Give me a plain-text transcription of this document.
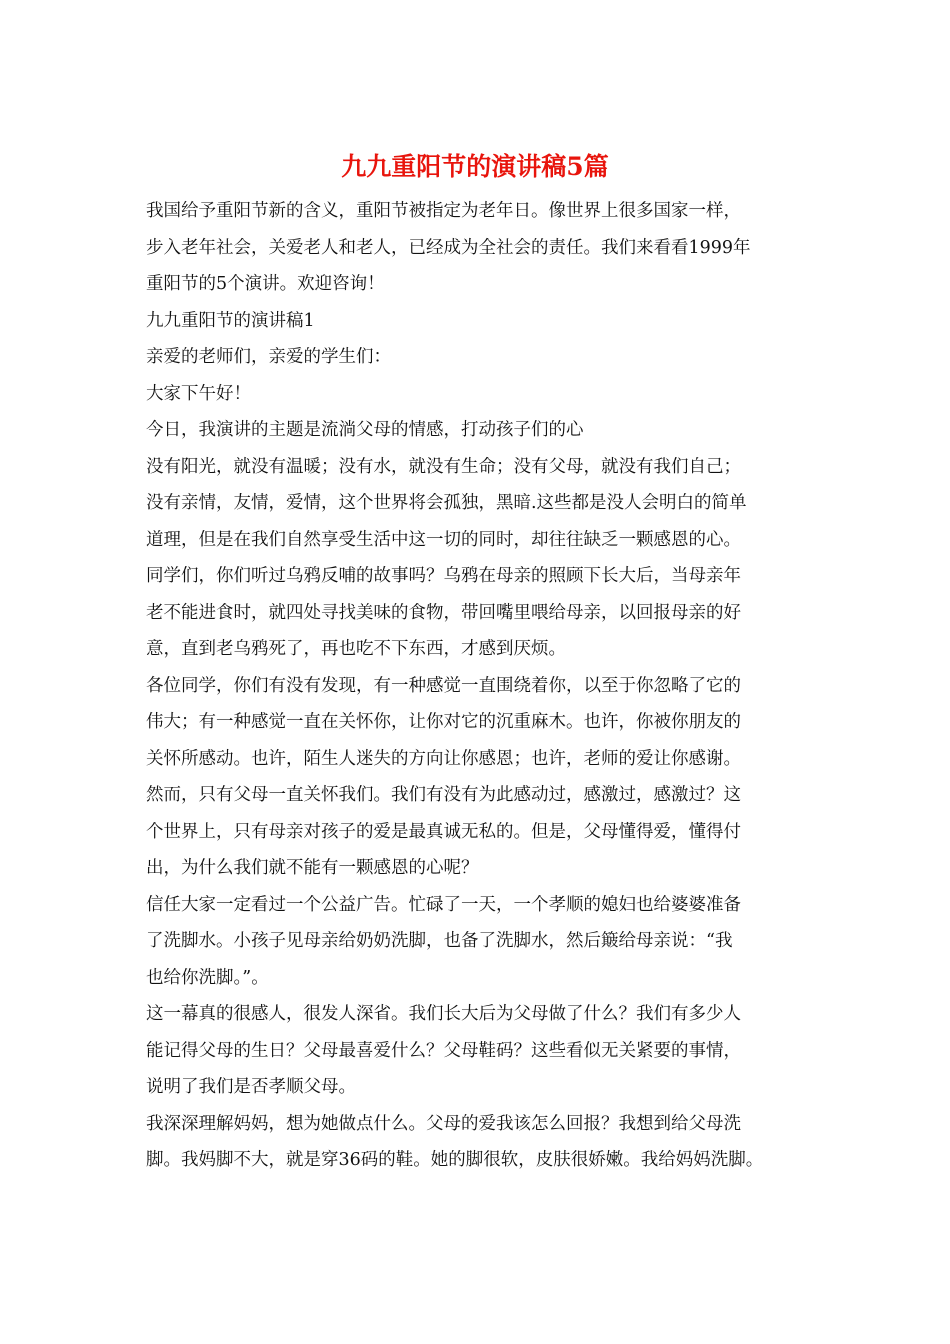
九九重阳节的演讲稿5篇
我国给予重阳节新的含义，重阳节被指定为老年日。像世界上很多国家一样，
步入老年社会，关爱老人和老人，已经成为全社会的责任。我们来看看1999年
重阳节的5个演讲。欢迎咨询！
九九重阳节的演讲稿1
亲爱的老师们，亲爱的学生们：
大家下午好！
今日，我演讲的主题是流淌父母的情感，打动孩子们的心
没有阳光，就没有温暖；没有水，就没有生命；没有父母，就没有我们自己；
没有亲情，友情，爱情，这个世界将会孤独，黑暗.这些都是没人会明白的简单
道理，但是在我们自然享受生活中这一切的同时，却往往缺乏一颗感恩的心。
同学们，你们听过乌鸦反哺的故事吗？乌鸦在母亲的照顾下长大后，当母亲年
老不能进食时，就四处寻找美味的食物，带回嘴里喂给母亲，以回报母亲的好
意，直到老乌鸦死了，再也吃不下东西，才感到厌烦。
各位同学，你们有没有发现，有一种感觉一直围绕着你，以至于你忽略了它的
伟大；有一种感觉一直在关怀你，让你对它的沉重麻木。也许，你被你朋友的
关怀所感动。也许，陌生人迷失的方向让你感恩；也许，老师的爱让你感谢。
然而，只有父母一直关怀我们。我们有没有为此感动过，感激过，感激过？这
个世界上，只有母亲对孩子的爱是最真诚无私的。但是，父母懂得爱，懂得付
出，为什么我们就不能有一颗感恩的心呢？
信任大家一定看过一个公益广告。忙碌了一天，一个孝顺的媳妇也给婆婆准备
了洗脚水。小孩子见母亲给奶奶洗脚，也备了洗脚水，然后簸给母亲说：“我
也给你洗脚。”。
这一幕真的很感人，很发人深省。我们长大后为父母做了什么？我们有多少人
能记得父母的生日？父母最喜爱什么？父母鞋码？这些看似无关紧要的事情，
说明了我们是否孝顺父母。
我深深理解妈妈，想为她做点什么。父母的爱我该怎么回报？我想到给父母洗
脚。我妈脚不大，就是穿36码的鞋。她的脚很软，皮肤很娇嫩。我给妈妈洗脚。
